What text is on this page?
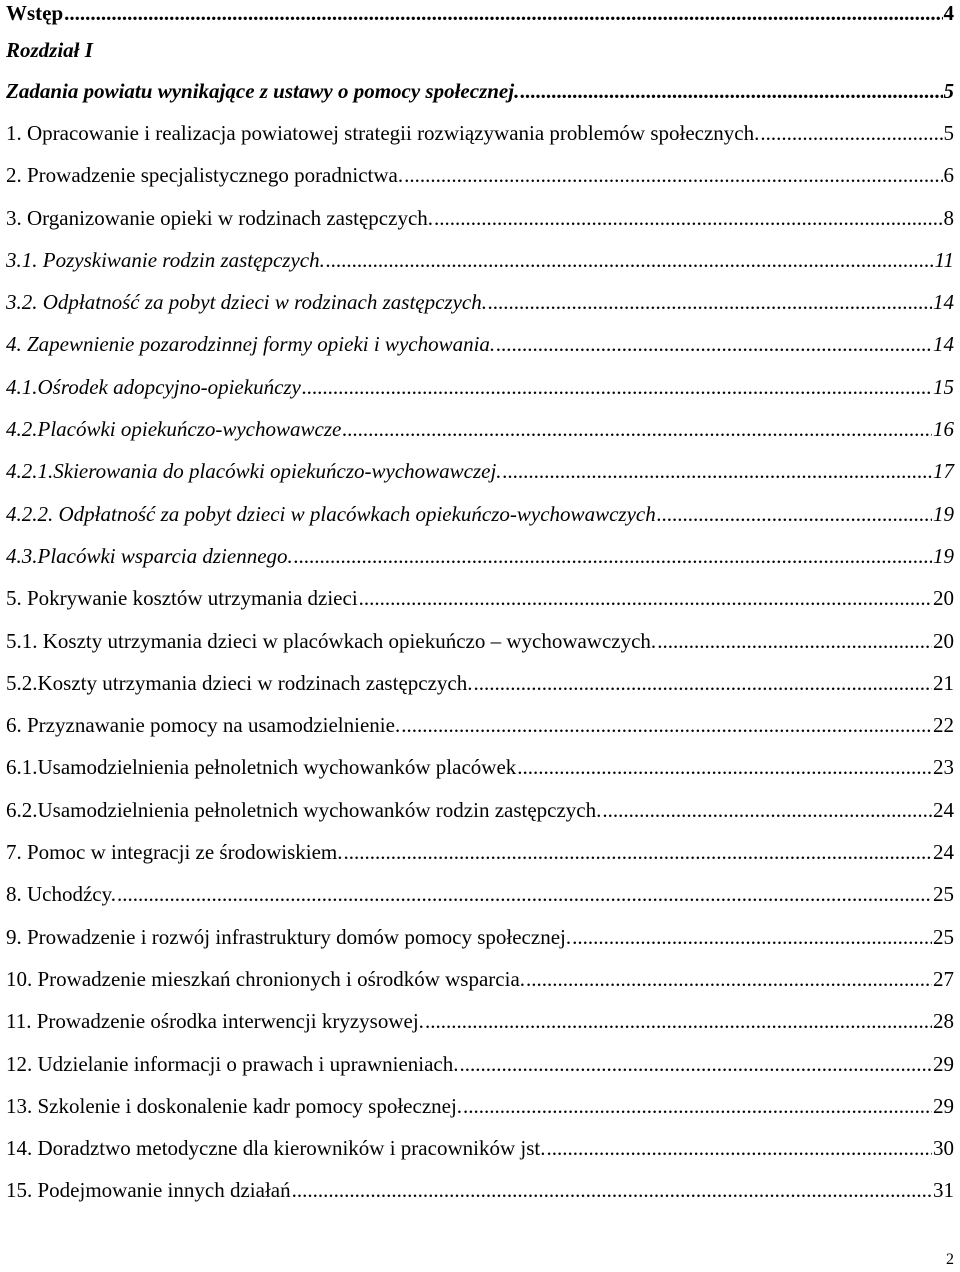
Wstęp .....	4
Rozdział I
Zadania powiatu wynikające z ustawy o pomocy społecznej. .....	5
1. Opracowanie i realizacja powiatowej strategii rozwiązywania problemów społecznych. .....	5
2. Prowadzenie specjalistycznego poradnictwa. .....	6
3. Organizowanie opieki w rodzinach zastępczych. .....	8
3.1. Pozyskiwanie rodzin zastępczych. .....	11
3.2. Odpłatność za pobyt dzieci w rodzinach zastępczych. .....	14
4. Zapewnienie pozarodzinnej formy opieki i wychowania. .....	14
4.1.Ośrodek adopcyjno-opiekuńczy .....	15
4.2.Placówki opiekuńczo-wychowawcze .....	16
4.2.1.Skierowania do placówki opiekuńczo-wychowawczej. .....	17
4.2.2. Odpłatność za pobyt dzieci w placówkach opiekuńczo-wychowawczych .....	19
4.3.Placówki wsparcia dziennego. .....	19
5. Pokrywanie kosztów utrzymania dzieci .....	20
5.1. Koszty utrzymania dzieci w placówkach opiekuńczo – wychowawczych. .....	20
5.2.Koszty utrzymania dzieci w rodzinach zastępczych. .....	21
6. Przyznawanie pomocy na usamodzielnienie. .....	22
6.1.Usamodzielnienia pełnoletnich wychowanków placówek .....	23
6.2.Usamodzielnienia pełnoletnich wychowanków rodzin zastępczych. .....	24
7. Pomoc w integracji ze środowiskiem. .....	24
8. Uchodźcy. .....	25
9. Prowadzenie i rozwój infrastruktury domów pomocy społecznej. .....	25
10. Prowadzenie mieszkań chronionych i ośrodków wsparcia. .....	27
11. Prowadzenie ośrodka interwencji kryzysowej. .....	28
12. Udzielanie informacji o prawach i uprawnieniach. .....	29
13. Szkolenie i doskonalenie kadr pomocy społecznej. .....	29
14. Doradztwo metodyczne dla kierowników i pracowników jst. .....	30
15. Podejmowanie innych działań .....	31
2
